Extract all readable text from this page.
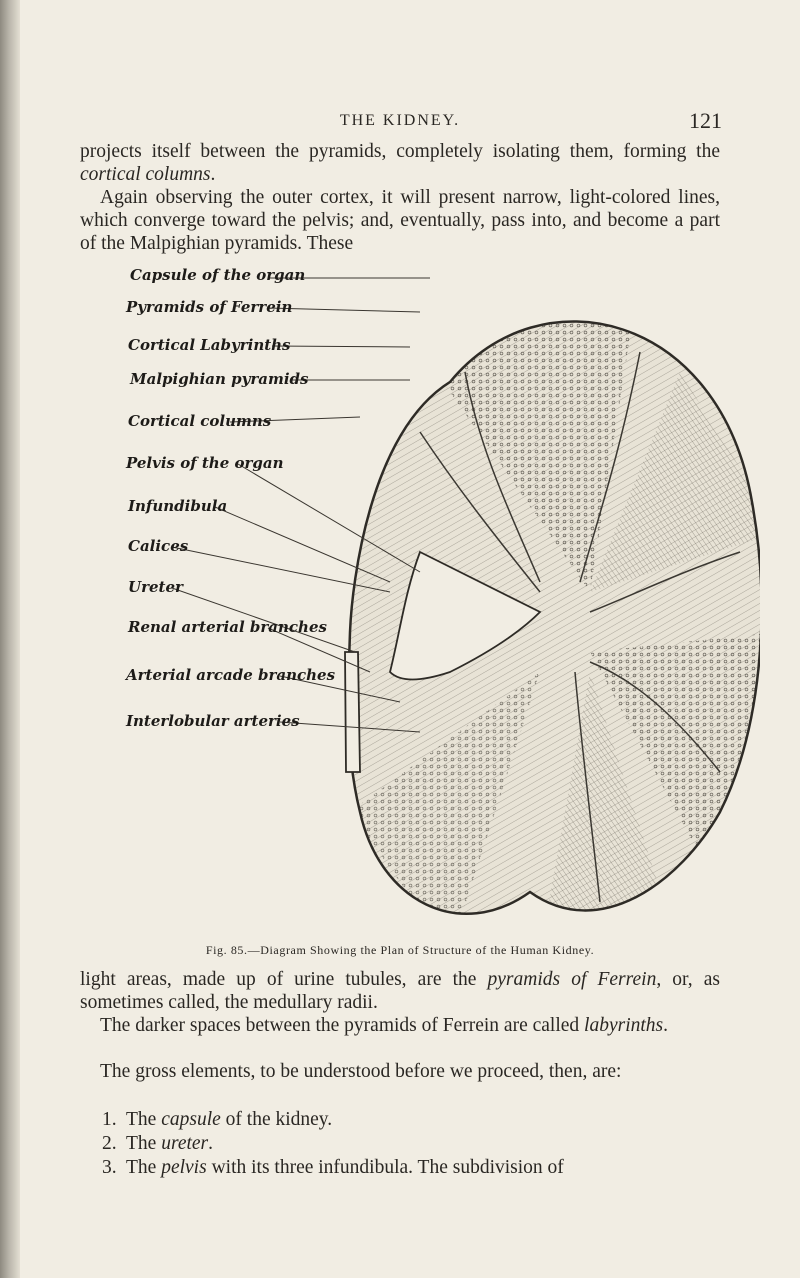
THE KIDNEY.	121

projects itself between the pyramids, completely isolating them, forming the cortical columns.

Again observing the outer cortex, it will present narrow, light-colored lines, which converge toward the pelvis; and, eventually, pass into, and become a part of the Malpighian pyramids. These

Capsule of the organ
Pyramids of Ferrein
Cortical Labyrinths
Malpighian pyramids
Cortical columns
Pelvis of the organ
Infundibula
Calices
Ureter
Renal arterial branches
Arterial arcade branches
Interlobular arteries
Fig. 85.—Diagram Showing the Plan of Structure of the Human Kidney.

light areas, made up of urine tubules, are the pyramids of Ferrein, or, as sometimes called, the medullary radii.

The darker spaces between the pyramids of Ferrein are called labyrinths.

The gross elements, to be understood before we proceed, then, are:

1. The capsule of the kidney.
2. The ureter.
3. The pelvis with its three infundibula. The subdivision of
